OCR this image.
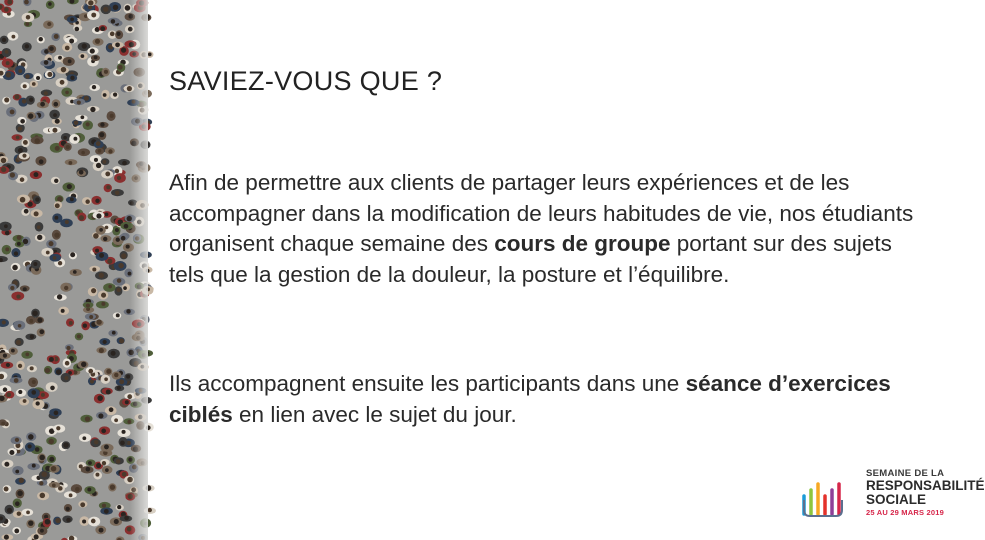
SAVIEZ-VOUS QUE ?

Afin de permettre aux clients de partager leurs expériences et de les accompagner dans la modification de leurs habitudes de vie, nos étudiants organisent chaque semaine des cours de groupe portant sur des sujets tels que la gestion de la douleur, la posture et l’équilibre.

Ils accompagnent ensuite les participants dans une séance d’exercices ciblés en lien avec le sujet du jour.

SEMAINE DE LA
RESPONSABILITÉ
SOCIALE
25 AU 29 MARS 2019
